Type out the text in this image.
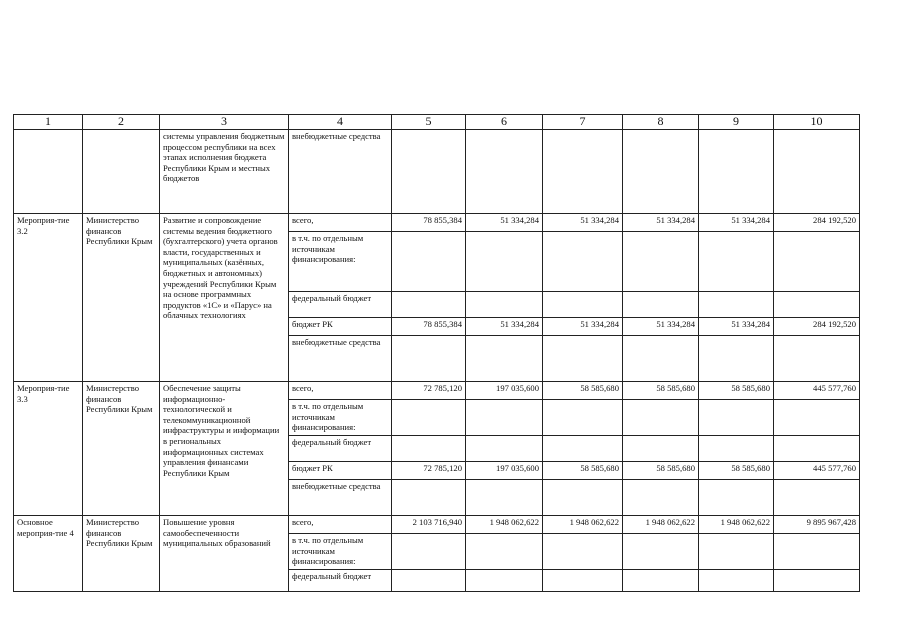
1	2	3	4	5	6	7	8	9	10
		системы управления бюджетным процессом республики на всех этапах исполнения бюджета Республики Крым и местных бюджетов	внебюджетные средства						
Мероприя-тие 3.2	Министерство финансов Республики Крым	Развитие и сопровождение системы ведения бюджетного (бухгалтерского) учета органов власти, государственных и муниципальных (казённых, бюджетных и автономных) учреждений Республики Крым на основе программных продуктов «1С» и «Парус» на облачных технологиях	всего,	78 855,384	51 334,284	51 334,284	51 334,284	51 334,284	284 192,520
			в т.ч. по отдельным источникам финансирования:						
			федеральный бюджет						
			бюджет РК	78 855,384	51 334,284	51 334,284	51 334,284	51 334,284	284 192,520
			внебюджетные средства						
Мероприя-тие 3.3	Министерство финансов Республики Крым	Обеспечение защиты информационно-технологической и телекоммуникационной инфраструктуры и информации в региональных информационных системах управления финансами Республики Крым	всего,	72 785,120	197 035,600	58 585,680	58 585,680	58 585,680	445 577,760
			в т.ч. по отдельным источникам финансирования:						
			федеральный бюджет						
			бюджет РК	72 785,120	197 035,600	58 585,680	58 585,680	58 585,680	445 577,760
			внебюджетные средства						
Основное мероприя-тие 4	Министерство финансов Республики Крым	Повышение уровня самообеспеченности муниципальных образований	всего,	2 103 716,940	1 948 062,622	1 948 062,622	1 948 062,622	1 948 062,622	9 895 967,428
			в т.ч. по отдельным источникам финансирования:						
			федеральный бюджет						
